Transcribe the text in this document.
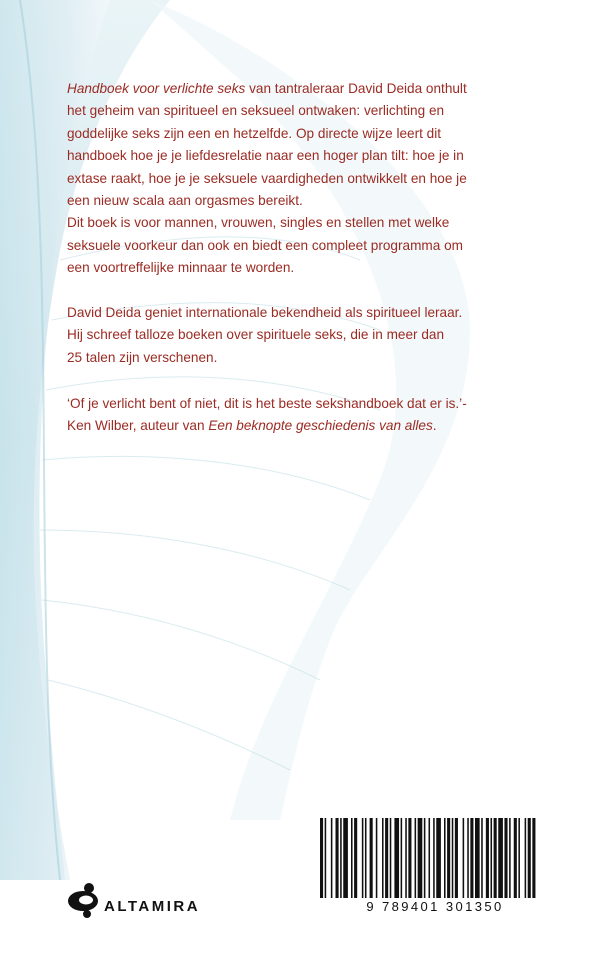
Handboek voor verlichte seks van tantraleraar David Deida onthult
het geheim van spiritueel en seksueel ontwaken: verlichting en
goddelijke seks zijn een en hetzelfde. Op directe wijze leert dit
handboek hoe je je liefdesrelatie naar een hoger plan tilt: hoe je in
extase raakt, hoe je je seksuele vaardigheden ontwikkelt en hoe je
een nieuw scala aan orgasmes bereikt.
Dit boek is voor mannen, vrouwen, singles en stellen met welke
seksuele voorkeur dan ook en biedt een compleet programma om
een voortreffelijke minnaar te worden.
David Deida geniet internationale bekendheid als spiritueel leraar.
Hij schreef talloze boeken over spirituele seks, die in meer dan
25 talen zijn verschenen.
‘Of je verlicht bent of niet, dit is het beste sekshandboek dat er is.’-
Ken Wilber, auteur van Een beknopte geschiedenis van alles.
9 789401 301350
ALTAMIRA
